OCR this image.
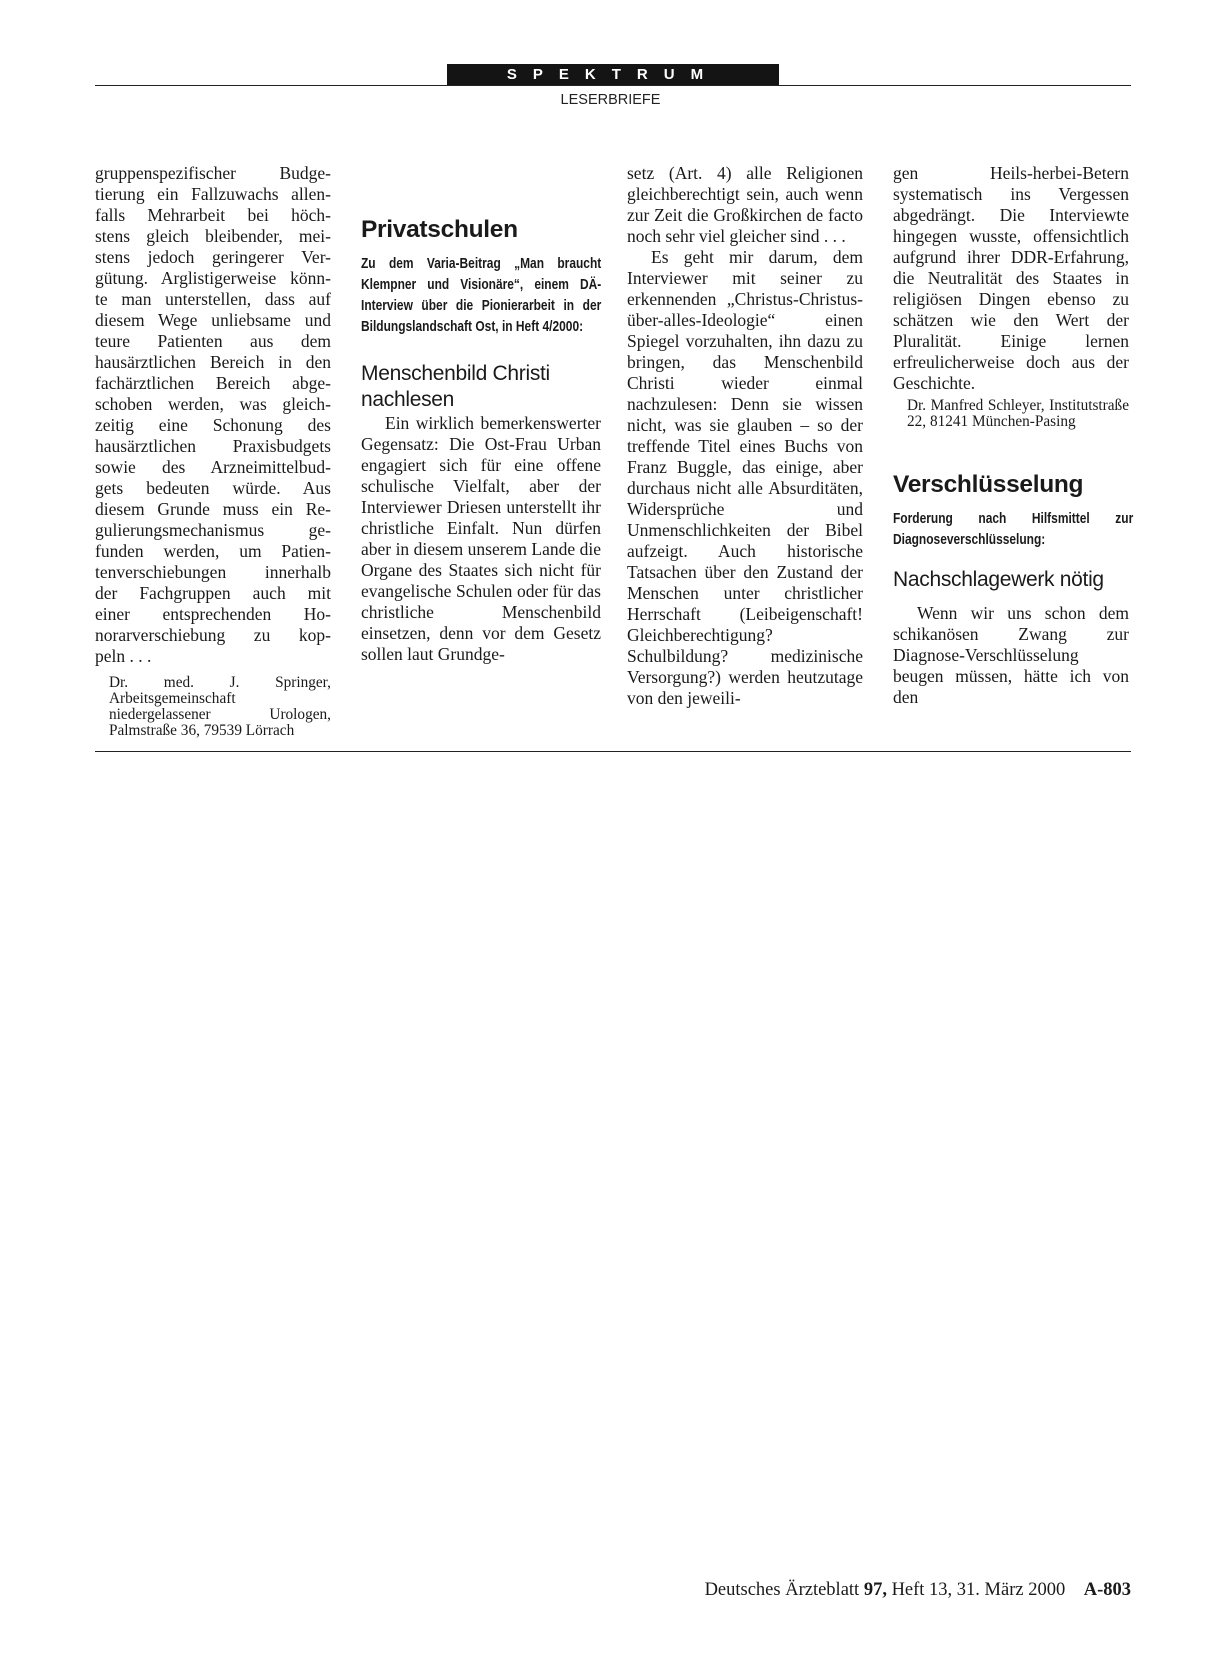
SPEKTRUM
LESERBRIEFE

gruppenspezifischer Budge-

tierung ein Fallzuwachs allen-

falls Mehrarbeit bei höch-

stens gleich bleibender, mei-

stens jedoch geringerer Ver-

gütung. Arglistigerweise könn-

te man unterstellen, dass auf

diesem Wege unliebsame und

teure Patienten aus dem

hausärztlichen Bereich in den

fachärztlichen Bereich abge-

schoben werden, was gleich-

zeitig eine Schonung des

hausärztlichen Praxisbudgets

sowie des Arzneimittelbud-

gets bedeuten würde. Aus

diesem Grunde muss ein Re-

gulierungsmechanismus ge-

funden werden, um Patien-

tenverschiebungen innerhalb

der Fachgruppen auch mit

einer entsprechenden Ho-

norarverschiebung zu kop-

peln . . .

Dr. med. J. Springer, Arbeitsgemeinschaft niedergelassener Urologen, Palmstraße 36, 79539 Lörrach
Privatschulen
Zu dem Varia-Beitrag „Man braucht Klempner und Visionäre“, einem DÄ-Interview über die Pionierarbeit in der Bildungslandschaft Ost, in Heft 4/2000:
Menschenbild Christi nachlesen

Ein wirklich bemerkenswerter Gegensatz: Die Ost-Frau Urban engagiert sich für eine offene schulische Vielfalt, aber der Interviewer Driesen unterstellt ihr christliche Einfalt. Nun dürfen aber in diesem unserem Lande die Organe des Staates sich nicht für evangelische Schulen oder für das christliche Menschenbild einsetzen, denn vor dem Gesetz sollen laut Grundge-

setz (Art. 4) alle Religionen gleichberechtigt sein, auch wenn zur Zeit die Großkirchen de facto noch sehr viel gleicher sind . . .

Es geht mir darum, dem Interviewer mit seiner zu erkennenden „Christus-Christus-über-alles-Ideologie“ einen Spiegel vorzuhalten, ihn dazu zu bringen, das Menschenbild Christi wieder einmal nachzulesen: Denn sie wissen nicht, was sie glauben – so der treffende Titel eines Buchs von Franz Buggle, das einige, aber durchaus nicht alle Absurditäten, Widersprüche und Unmenschlichkeiten der Bibel aufzeigt. Auch historische Tatsachen über den Zustand der Menschen unter christlicher Herrschaft (Leibeigenschaft! Gleichberechtigung? Schulbildung? medizinische Versorgung?) werden heutzutage von den jeweili-

gen Heils-herbei-Betern systematisch ins Vergessen abgedrängt. Die Interviewte hingegen wusste, offensichtlich aufgrund ihrer DDR-Erfahrung, die Neutralität des Staates in religiösen Dingen ebenso zu schätzen wie den Wert der Pluralität. Einige lernen erfreulicherweise doch aus der Geschichte.

Dr. Manfred Schleyer, Institutstraße 22, 81241 München-Pasing
Verschlüsselung
Forderung nach Hilfsmittel zur Diagnoseverschlüsselung:
Nachschlagewerk nötig

Wenn wir uns schon dem schikanösen Zwang zur Diagnose-Verschlüsselung beugen müssen, hätte ich von den

Deutsches Ärzteblatt 97, Heft 13, 31. März 2000 A-803
